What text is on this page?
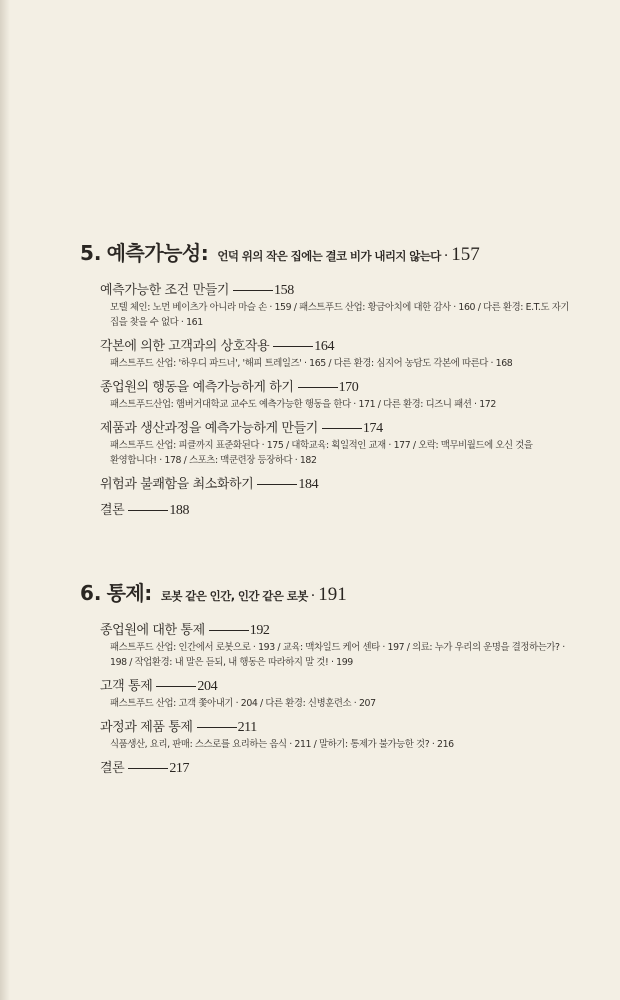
5. 예측가능성: 언덕 위의 작은 집에는 결코 비가 내리지 않는다 · 157
예측가능한 조건 만들기	158
모텔 체인: 노먼 베이츠가 아니라 마슬 손 · 159 / 패스트푸드 산업: 황금아치에 대한 감사 · 160 / 다른 환경: E.T.도 자기 집을 찾을 수 없다 · 161
각본에 의한 고객과의 상호작용	164
패스트푸드 산업: '하우디 파드너', '해피 트레일즈' · 165 / 다른 환경: 심지어 농담도 각본에 따른다 · 168
종업원의 행동을 예측가능하게 하기	170
패스트푸드산업: 햄버거대학교 교수도 예측가능한 행동을 한다 · 171 / 다른 환경: 디즈니 패션 · 172
제품과 생산과정을 예측가능하게 만들기	174
패스트푸드 산업: 피클까지 표준화된다 · 175 / 대학교육: 획일적인 교재 · 177 / 오락: 맥무비월드에 오신 것을 환영합니다! · 178 / 스포츠: 맥쿤련장 등장하다 · 182
위험과 불쾌함을 최소화하기	184
결론	188
6. 통제: 로봇 같은 인간, 인간 같은 로봇 · 191
종업원에 대한 통제	192
패스트푸드 산업: 인간에서 로봇으로 · 193 / 교육: 맥차일드 케어 센타 · 197 / 의료: 누가 우리의 운명을 결정하는가? · 198 / 작업환경: 내 말은 듣되, 내 행동은 따라하지 말 것! · 199
고객 통제	204
패스트푸드 산업: 고객 쫓아내기 · 204 / 다른 환경: 신병훈련소 · 207
과정과 제품 통제	211
식품생산, 요리, 판매: 스스로를 요리하는 음식 · 211 / 말하기: 통제가 불가능한 것? · 216
결론	217
